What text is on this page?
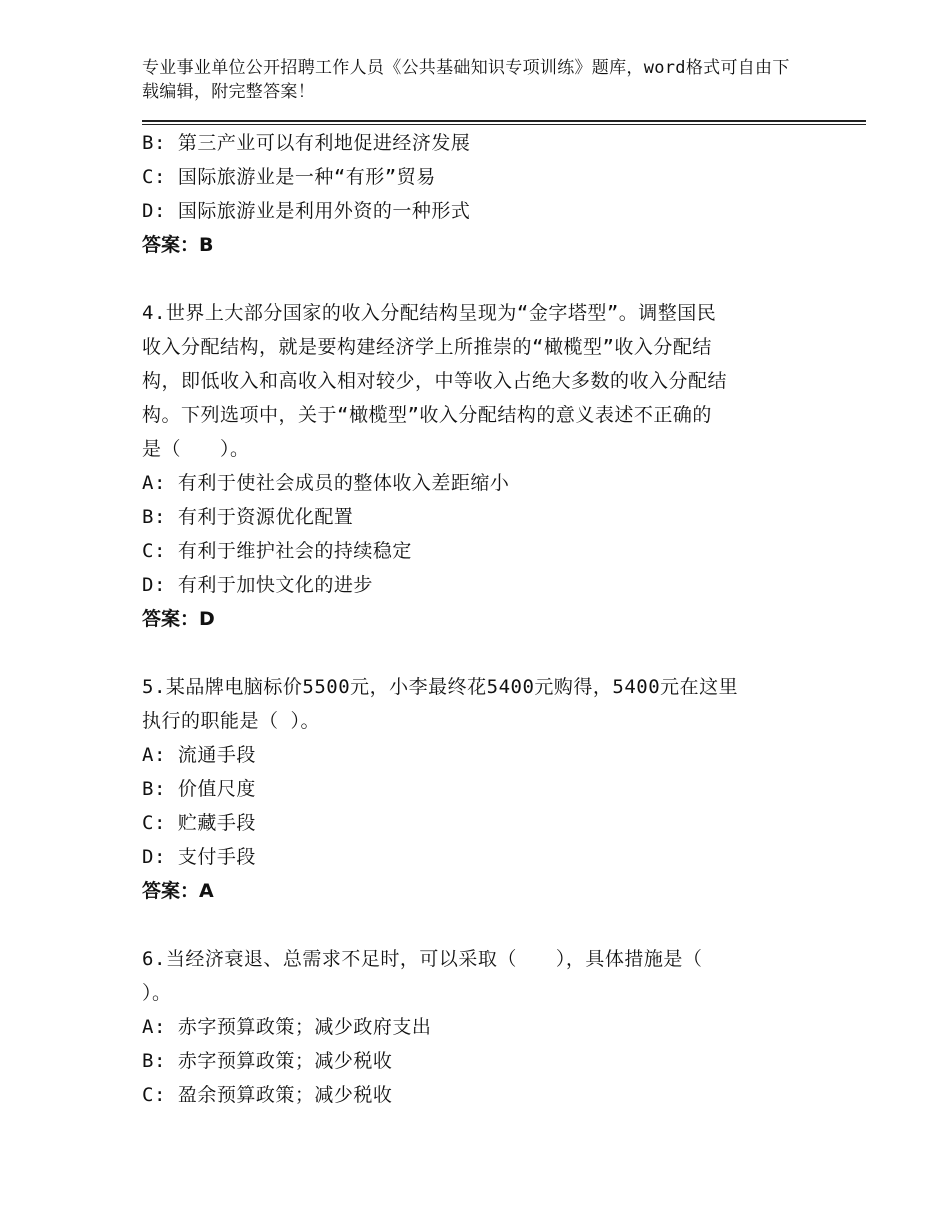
专业事业单位公开招聘工作人员《公共基础知识专项训练》题库，word格式可自由下载编辑，附完整答案！
B: 第三产业可以有利地促进经济发展
C: 国际旅游业是一种“有形”贸易
D: 国际旅游业是利用外资的一种形式
答案：B
4.世界上大部分国家的收入分配结构呈现为“金字塔型”。调整国民
收入分配结构，就是要构建经济学上所推崇的“橄榄型”收入分配结
构，即低收入和高收入相对较少，中等收入占绝大多数的收入分配结
构。下列选项中，关于“橄榄型”收入分配结构的意义表述不正确的
是（　　）。
A: 有利于使社会成员的整体收入差距缩小
B: 有利于资源优化配置
C: 有利于维护社会的持续稳定
D: 有利于加快文化的进步
答案：D
5.某品牌电脑标价5500元，小李最终花5400元购得，5400元在这里
执行的职能是（ ）。
A: 流通手段
B: 价值尺度
C: 贮藏手段
D: 支付手段
答案：A
6.当经济衰退、总需求不足时，可以采取（　　），具体措施是（
）。
A: 赤字预算政策；减少政府支出
B: 赤字预算政策；减少税收
C: 盈余预算政策；减少税收
